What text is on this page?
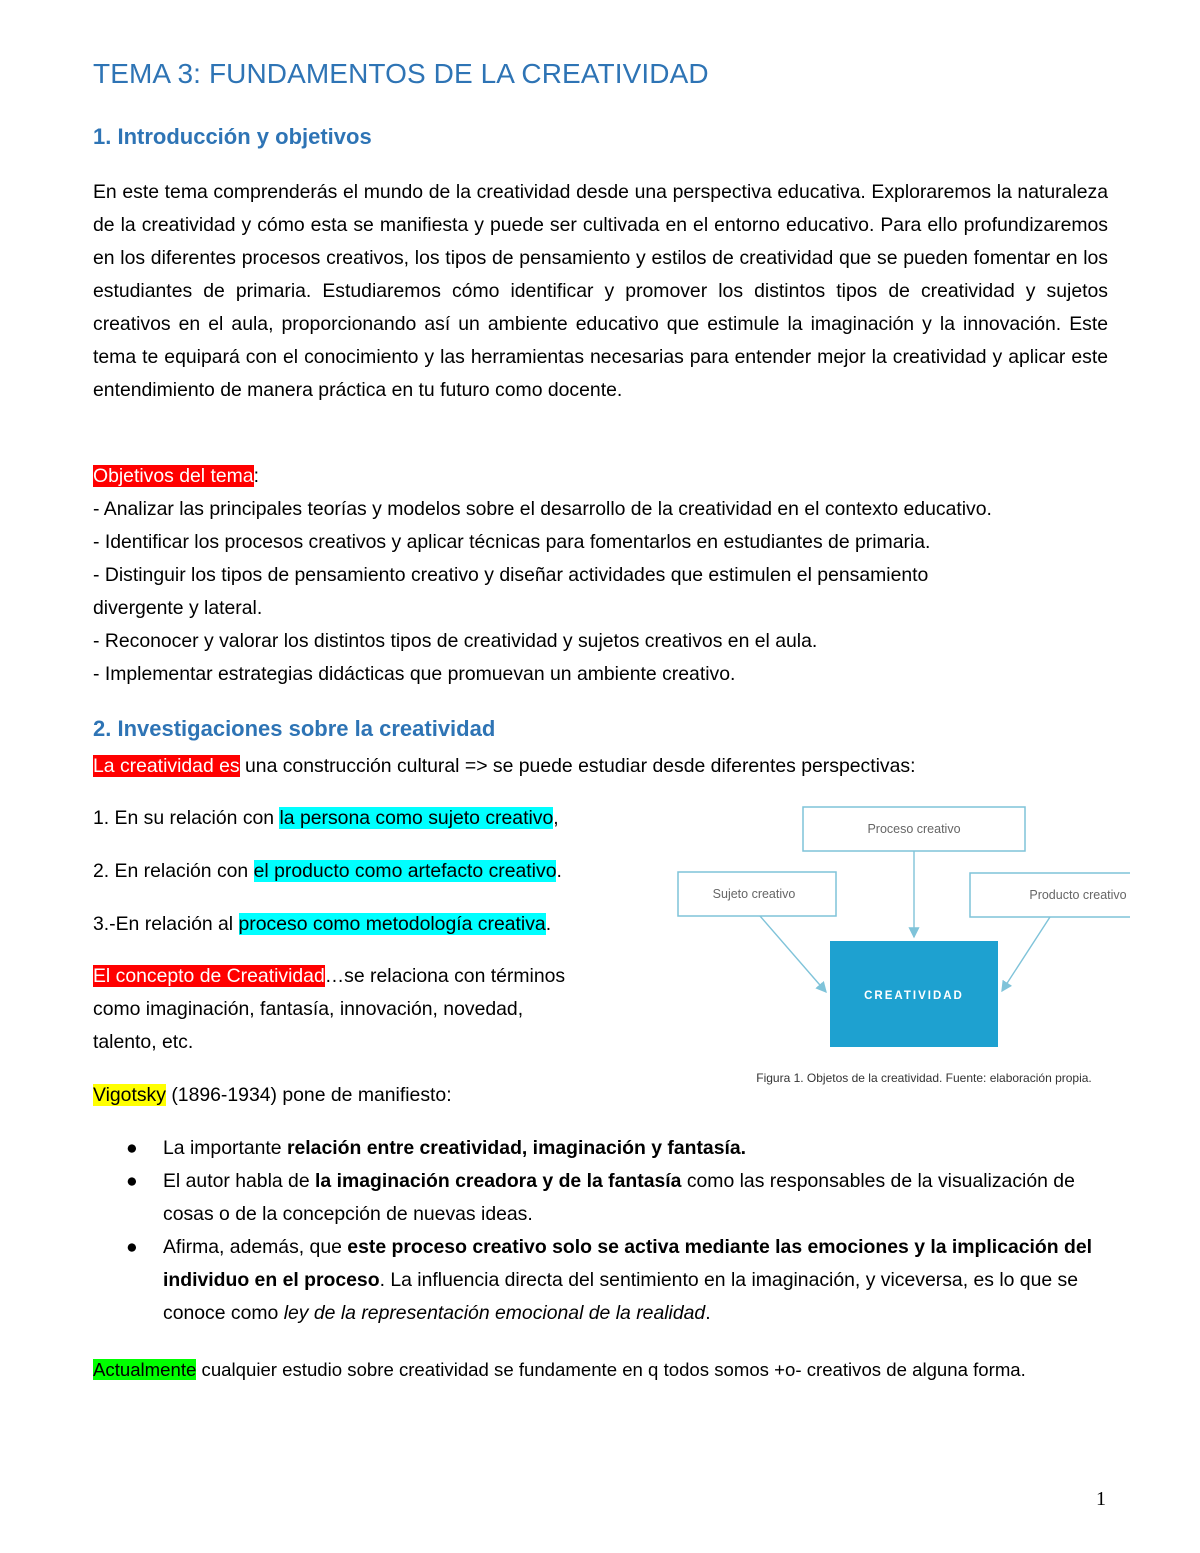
TEMA 3: FUNDAMENTOS DE LA CREATIVIDAD
1. Introducción y objetivos

En este tema comprenderás el mundo de la creatividad desde una perspectiva educativa. Exploraremos la naturaleza de la creatividad y cómo esta se manifiesta y puede ser cultivada en el entorno educativo. Para ello profundizaremos en los diferentes procesos creativos, los tipos de pensamiento y estilos de creatividad que se pueden fomentar en los estudiantes de primaria. Estudiaremos cómo identificar y promover los distintos tipos de creatividad y sujetos creativos en el aula, proporcionando así un ambiente educativo que estimule la imaginación y la innovación. Este tema te equipará con el conocimiento y las herramientas necesarias para entender mejor la creatividad y aplicar este entendimiento de manera práctica en tu futuro como docente.

Objetivos del tema:

- Analizar las principales teorías y modelos sobre el desarrollo de la creatividad en el contexto educativo.

- Identificar los procesos creativos y aplicar técnicas para fomentarlos en estudiantes de primaria.

- Distinguir los tipos de pensamiento creativo y diseñar actividades que estimulen el pensamiento

divergente y lateral.

- Reconocer y valorar los distintos tipos de creatividad y sujetos creativos en el aula.

- Implementar estrategias didácticas que promuevan un ambiente creativo.

2. Investigaciones sobre la creatividad

La creatividad es una construcción cultural => se puede estudiar desde diferentes perspectivas:

1. En su relación con la persona como sujeto creativo,

2. En relación con el producto como artefacto creativo.

3.-En relación al proceso como metodología creativa.

El concepto de Creatividad…se relaciona con términos

como imaginación, fantasía, innovación, novedad,

talento, etc.

Vigotsky (1896-1934) pone de manifiesto:

● La importante relación entre creatividad, imaginación y fantasía.
● El autor habla de la imaginación creadora y de la fantasía como las responsables de la visualización de cosas o de la concepción de nuevas ideas.
● Afirma, además, que este proceso creativo solo se activa mediante las emociones y la implicación del individuo en el proceso. La influencia directa del sentimiento en la imaginación, y viceversa, es lo que se conoce como ley de la representación emocional de la realidad.

Actualmente cualquier estudio sobre creatividad se fundamente en q todos somos +o- creativos de alguna forma.

Proceso creativo
Sujeto creativo	Producto creativo
CREATIVIDAD
Figura 1. Objetos de la creatividad. Fuente: elaboración propia.
1
